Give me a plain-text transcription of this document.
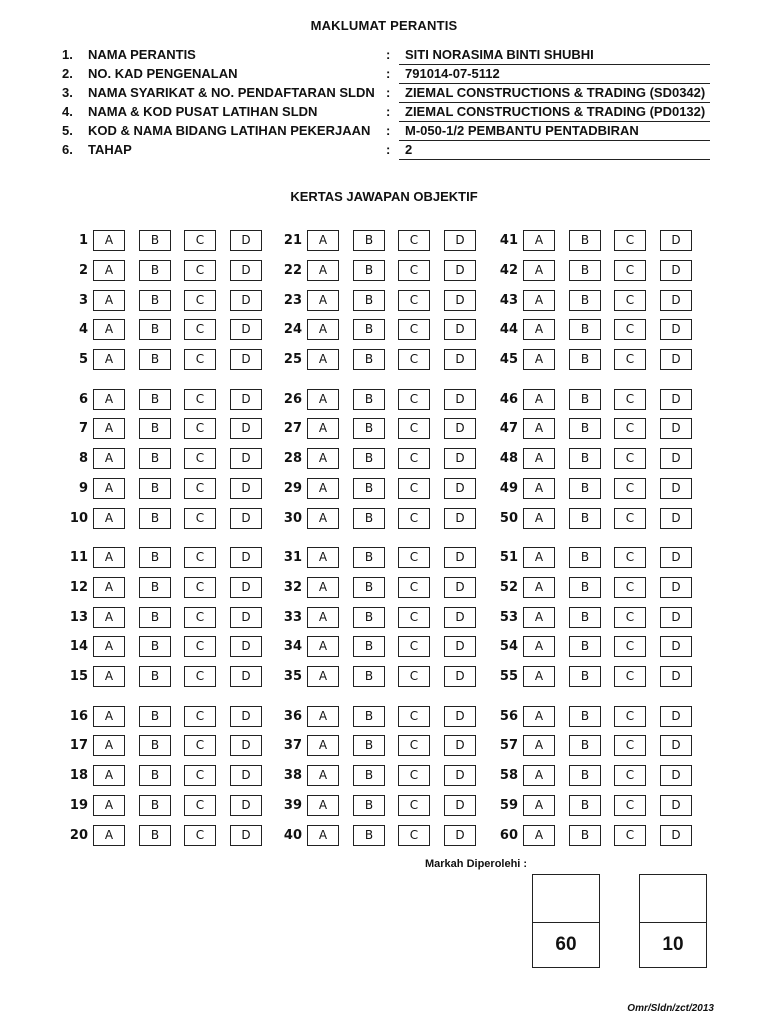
MAKLUMAT PERANTIS
1. NAMA PERANTIS	:	SITI NORASIMA BINTI SHUBHI
2. NO. KAD PENGENALAN	:	791014-07-5112
3. NAMA SYARIKAT & NO. PENDAFTARAN SLDN :	ZIEMAL CONSTRUCTIONS & TRADING (SD0342)
4. NAMA & KOD PUSAT LATIHAN SLDN	:	ZIEMAL CONSTRUCTIONS & TRADING (PD0132)
5. KOD & NAMA BIDANG LATIHAN PEKERJAAN :	M-050-1/2 PEMBANTU PENTADBIRAN
6. TAHAP	:	2
KERTAS JAWAPAN OBJEKTIF
1	A	B	C	D
2	A	B	C	D
3	A	B	C	D
4	A	B	C	D
5	A	B	C	D
6	A	B	C	D
7	A	B	C	D
8	A	B	C	D
9	A	B	C	D
10	A	B	C	D
11	A	B	C	D
12	A	B	C	D
13	A	B	C	D
14	A	B	C	D
15	A	B	C	D
16	A	B	C	D
17	A	B	C	D
18	A	B	C	D
19	A	B	C	D
20	A	B	C	D
21	A	B	C	D
22	A	B	C	D
23	A	B	C	D
24	A	B	C	D
25	A	B	C	D
26	A	B	C	D
27	A	B	C	D
28	A	B	C	D
29	A	B	C	D
30	A	B	C	D
31	A	B	C	D
32	A	B	C	D
33	A	B	C	D
34	A	B	C	D
35	A	B	C	D
36	A	B	C	D
37	A	B	C	D
38	A	B	C	D
39	A	B	C	D
40	A	B	C	D
41	A	B	C	D
42	A	B	C	D
43	A	B	C	D
44	A	B	C	D
45	A	B	C	D
46	A	B	C	D
47	A	B	C	D
48	A	B	C	D
49	A	B	C	D
50	A	B	C	D
51	A	B	C	D
52	A	B	C	D
53	A	B	C	D
54	A	B	C	D
55	A	B	C	D
56	A	B	C	D
57	A	B	C	D
58	A	B	C	D
59	A	B	C	D
60	A	B	C	D
Markah Diperolehi :
60	10
Omr/Sldn/zct/2013
